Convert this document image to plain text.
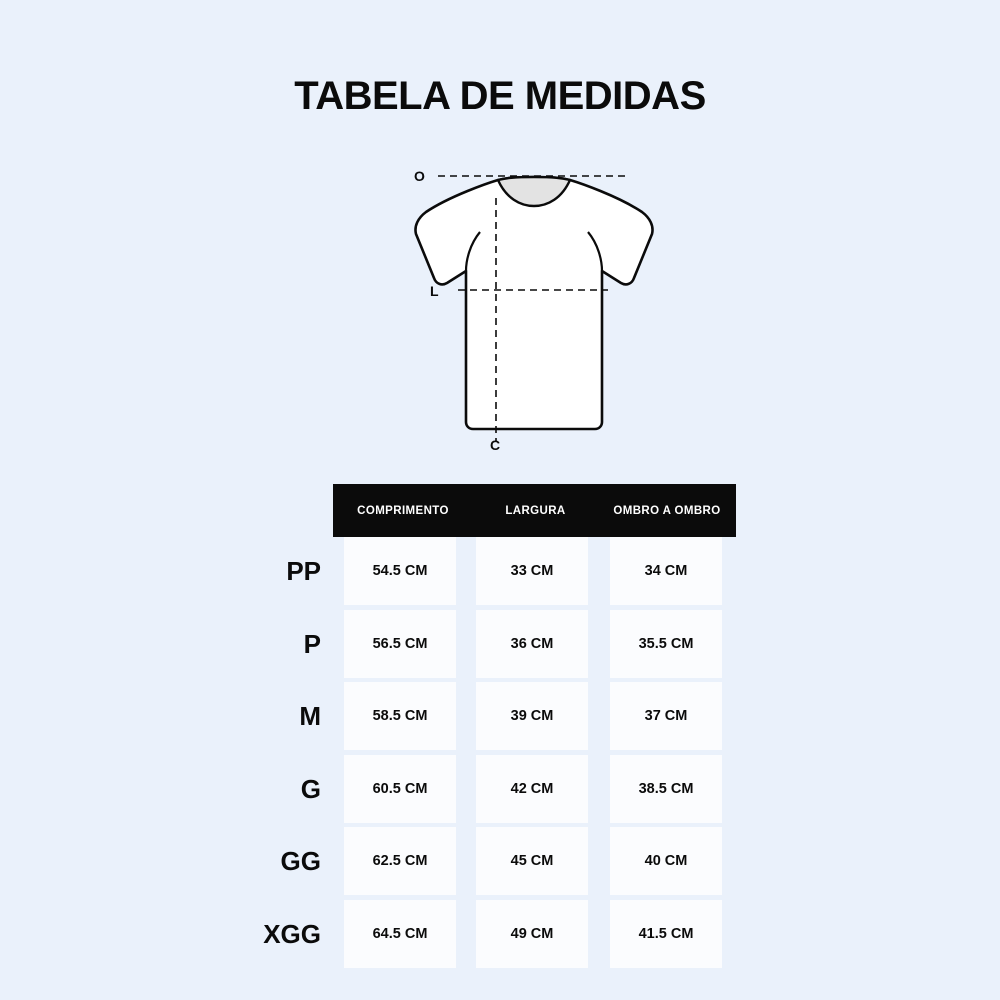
TABELA DE MEDIDAS
O
L
C
COMPRIMENTO	LARGURA	OMBRO A OMBRO
PP	54.5 CM	33 CM	34 CM
P	56.5 CM	36 CM	35.5 CM
M	58.5 CM	39 CM	37 CM
G	60.5 CM	42 CM	38.5 CM
GG	62.5 CM	45 CM	40 CM
XGG	64.5 CM	49 CM	41.5 CM
